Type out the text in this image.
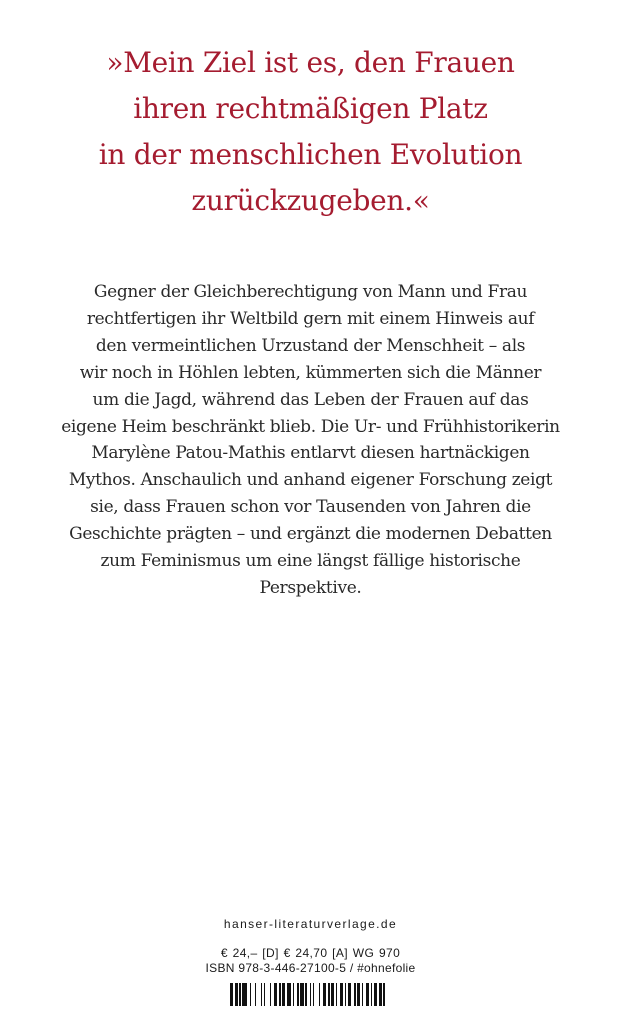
»Mein Ziel ist es, den Frauen
ihren rechtmäßigen Platz
in der menschlichen Evolution
zurückzugeben.«
Gegner der Gleichberechtigung von Mann und Frau
rechtfertigen ihr Weltbild gern mit einem Hinweis auf
den vermeintlichen Urzustand der Menschheit – als
wir noch in Höhlen lebten, kümmerten sich die Männer
um die Jagd, während das Leben der Frauen auf das
eigene Heim beschränkt blieb. Die Ur- und Frühhistorikerin
Marylène Patou-Mathis entlarvt diesen hartnäckigen
Mythos. Anschaulich und anhand eigener Forschung zeigt
sie, dass Frauen schon vor Tausenden von Jahren die
Geschichte prägten – und ergänzt die modernen Debatten
zum Feminismus um eine längst fällige historische
Perspektive.
hanser-literaturverlage.de
€ 24,– [D] € 24,70 [A] WG 970
ISBN 978-3-446-27100-5 / #ohnefolie
